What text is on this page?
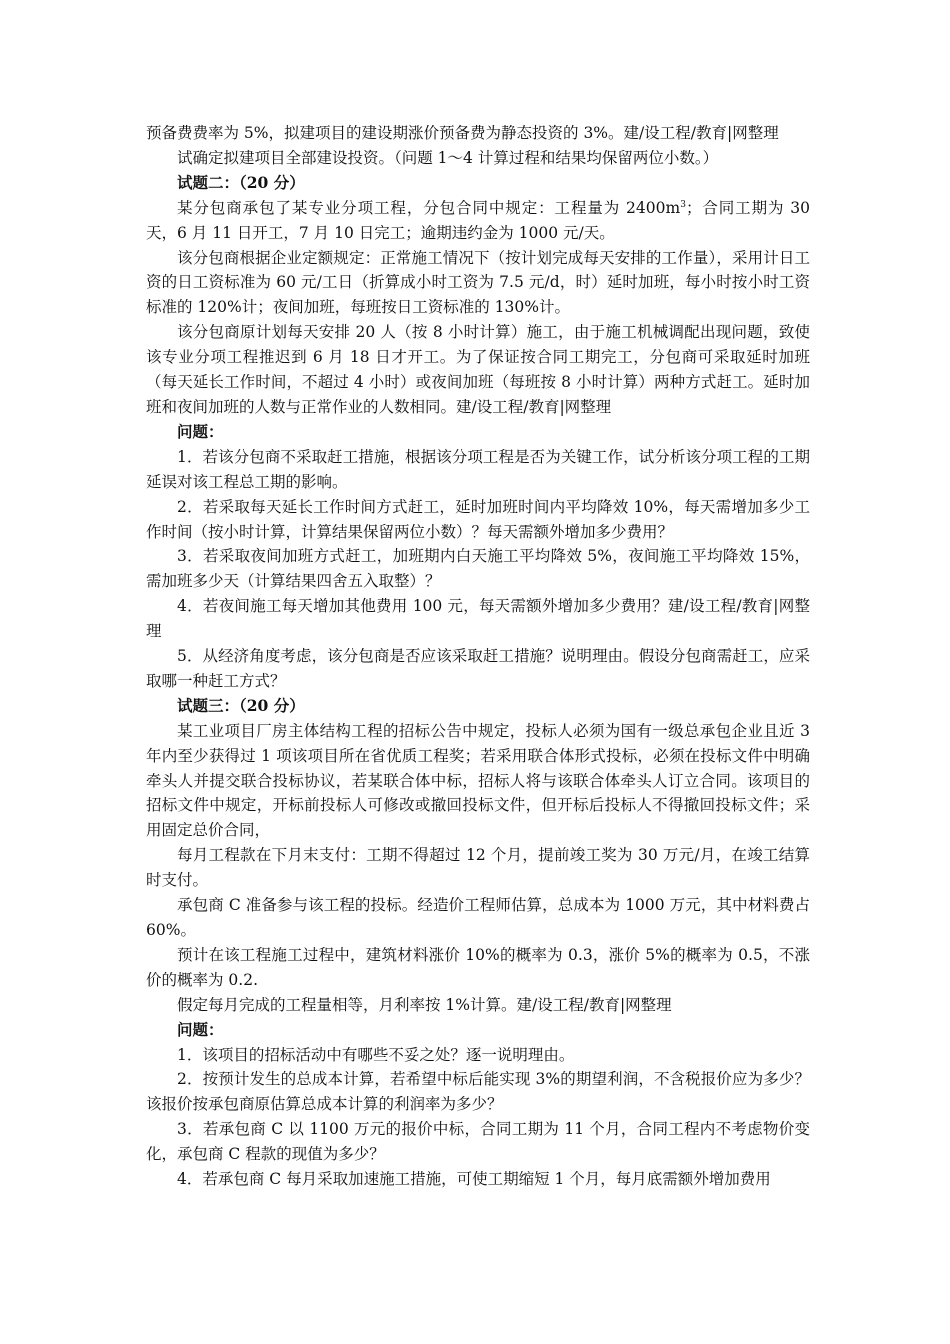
预备费费率为 5%，拟建项目的建设期涨价预备费为静态投资的 3%。建/设工程/教育|网整理

试确定拟建项目全部建设投资。（问题 1～4 计算过程和结果均保留两位小数。）

试题二：（20 分）

某分包商承包了某专业分项工程，分包合同中规定：工程量为 $2400m^3$；合同工期为 30 天，6 月 11 日开工，7 月 10 日完工；逾期违约金为 1000 元/天。

该分包商根据企业定额规定：正常施工情况下（按计划完成每天安排的工作量），采用计日工资的日工资标准为 60 元/工日（折算成小时工资为 7.5 元/d，时）延时加班，每小时按小时工资标准的 120%计；夜间加班，每班按日工资标准的 130%计。

该分包商原计划每天安排 20 人（按 8 小时计算）施工，由于施工机械调配出现问题，致使该专业分项工程推迟到 6 月 18 日才开工。为了保证按合同工期完工，分包商可采取延时加班（每天延长工作时间，不超过 4 小时）或夜间加班（每班按 8 小时计算）两种方式赶工。延时加班和夜间加班的人数与正常作业的人数相同。建/设工程/教育|网整理

问题：

1．若该分包商不采取赶工措施，根据该分项工程是否为关键工作，试分析该分项工程的工期延误对该工程总工期的影响。

2．若采取每天延长工作时间方式赶工，延时加班时间内平均降效 10%，每天需增加多少工作时间（按小时计算，计算结果保留两位小数）？每天需额外增加多少费用？

3．若采取夜间加班方式赶工，加班期内白天施工平均降效 5%，夜间施工平均降效 15%，需加班多少天（计算结果四舍五入取整）？

4．若夜间施工每天增加其他费用 100 元，每天需额外增加多少费用？建/设工程/教育|网整理

5．从经济角度考虑，该分包商是否应该采取赶工措施？说明理由。假设分包商需赶工，应采取哪一种赶工方式？

试题三：（20 分）

某工业项目厂房主体结构工程的招标公告中规定，投标人必须为国有一级总承包企业且近 3 年内至少获得过 1 项该项目所在省优质工程奖；若采用联合体形式投标，必须在投标文件中明确牵头人并提交联合投标协议，若某联合体中标，招标人将与该联合体牵头人订立合同。该项目的招标文件中规定，开标前投标人可修改或撤回投标文件，但开标后投标人不得撤回投标文件；采用固定总价合同，

每月工程款在下月末支付：工期不得超过 12 个月，提前竣工奖为 30 万元/月，在竣工结算时支付。

承包商 C 准备参与该工程的投标。经造价工程师估算，总成本为 1000 万元，其中材料费占 60%。

预计在该工程施工过程中，建筑材料涨价 10%的概率为 0.3，涨价 5%的概率为 0.5，不涨价的概率为 0.2.

假定每月完成的工程量相等，月利率按 1%计算。建/设工程/教育|网整理

问题：

1．该项目的招标活动中有哪些不妥之处？逐一说明理由。

2．按预计发生的总成本计算，若希望中标后能实现 3%的期望利润，不含税报价应为多少？该报价按承包商原估算总成本计算的利润率为多少？

3．若承包商 C 以 1100 万元的报价中标，合同工期为 11 个月，合同工程内不考虑物价变化，承包商 C 程款的现值为多少？

4．若承包商 C 每月采取加速施工措施，可使工期缩短 1 个月，每月底需额外增加费用
